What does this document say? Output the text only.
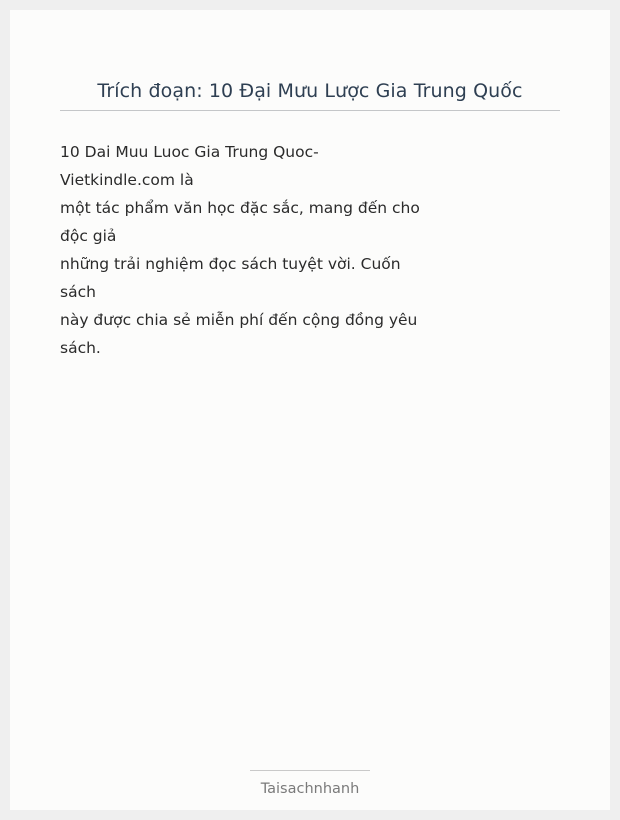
Trích đoạn: 10 Đại Mưu Lược Gia Trung Quốc

10 Dai Muu Luoc Gia Trung Quoc-
Vietkindle.com là
một tác phẩm văn học đặc sắc, mang đến cho
độc giả
những trải nghiệm đọc sách tuyệt vời. Cuốn
sách
này được chia sẻ miễn phí đến cộng đồng yêu
sách.

Taisachnhanh
